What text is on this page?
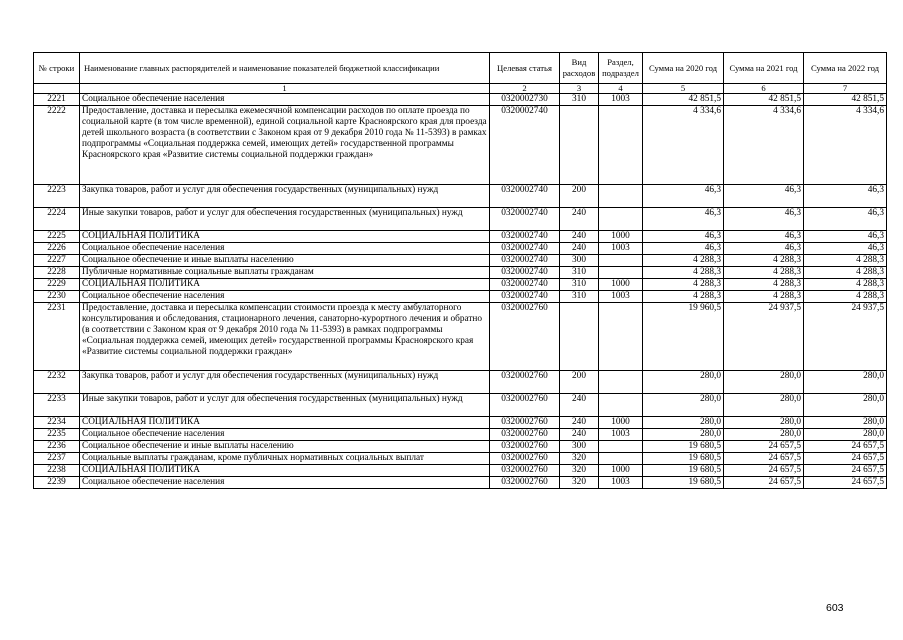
№ строки	Наименование главных распорядителей и наименование показателей бюджетной классификации	Целевая статья	Вид расходов	Раздел, подраздел	Сумма на 2020 год	Сумма на 2021 год	Сумма на 2022 год
	1	2	3	4	5	6	7
2221	Социальное обеспечение населения	0320002730	310	1003	42 851,5	42 851,5	42 851,5
2222	Предоставление, доставка и пересылка ежемесячной компенсации расходов по оплате проезда по социальной карте (в том числе временной), единой социальной карте Красноярского края для проезда детей школьного возраста (в соответствии с Законом края от 9 декабря 2010 года № 11-5393) в рамках подпрограммы «Социальная поддержка семей, имеющих детей» государственной программы Красноярского края «Развитие системы социальной поддержки граждан»	0320002740			4 334,6	4 334,6	4 334,6
2223	Закупка товаров, работ и услуг для обеспечения государственных (муниципальных) нужд	0320002740	200		46,3	46,3	46,3
2224	Иные закупки товаров, работ и услуг для обеспечения государственных (муниципальных) нужд	0320002740	240		46,3	46,3	46,3
2225	СОЦИАЛЬНАЯ ПОЛИТИКА	0320002740	240	1000	46,3	46,3	46,3
2226	Социальное обеспечение населения	0320002740	240	1003	46,3	46,3	46,3
2227	Социальное обеспечение и иные выплаты населению	0320002740	300		4 288,3	4 288,3	4 288,3
2228	Публичные нормативные социальные выплаты гражданам	0320002740	310		4 288,3	4 288,3	4 288,3
2229	СОЦИАЛЬНАЯ ПОЛИТИКА	0320002740	310	1000	4 288,3	4 288,3	4 288,3
2230	Социальное обеспечение населения	0320002740	310	1003	4 288,3	4 288,3	4 288,3
2231	Предоставление, доставка и пересылка компенсации стоимости проезда к месту амбулаторного консультирования и обследования, стационарного лечения, санаторно-курортного лечения и обратно (в соответствии с Законом края от 9 декабря 2010 года № 11-5393) в рамках подпрограммы «Социальная поддержка семей, имеющих детей» государственной программы Красноярского края «Развитие системы социальной поддержки граждан»	0320002760			19 960,5	24 937,5	24 937,5
2232	Закупка товаров, работ и услуг для обеспечения государственных (муниципальных) нужд	0320002760	200		280,0	280,0	280,0
2233	Иные закупки товаров, работ и услуг для обеспечения государственных (муниципальных) нужд	0320002760	240		280,0	280,0	280,0
2234	СОЦИАЛЬНАЯ ПОЛИТИКА	0320002760	240	1000	280,0	280,0	280,0
2235	Социальное обеспечение населения	0320002760	240	1003	280,0	280,0	280,0
2236	Социальное обеспечение и иные выплаты населению	0320002760	300		19 680,5	24 657,5	24 657,5
2237	Социальные выплаты гражданам, кроме публичных нормативных социальных выплат	0320002760	320		19 680,5	24 657,5	24 657,5
2238	СОЦИАЛЬНАЯ ПОЛИТИКА	0320002760	320	1000	19 680,5	24 657,5	24 657,5
2239	Социальное обеспечение населения	0320002760	320	1003	19 680,5	24 657,5	24 657,5
603
